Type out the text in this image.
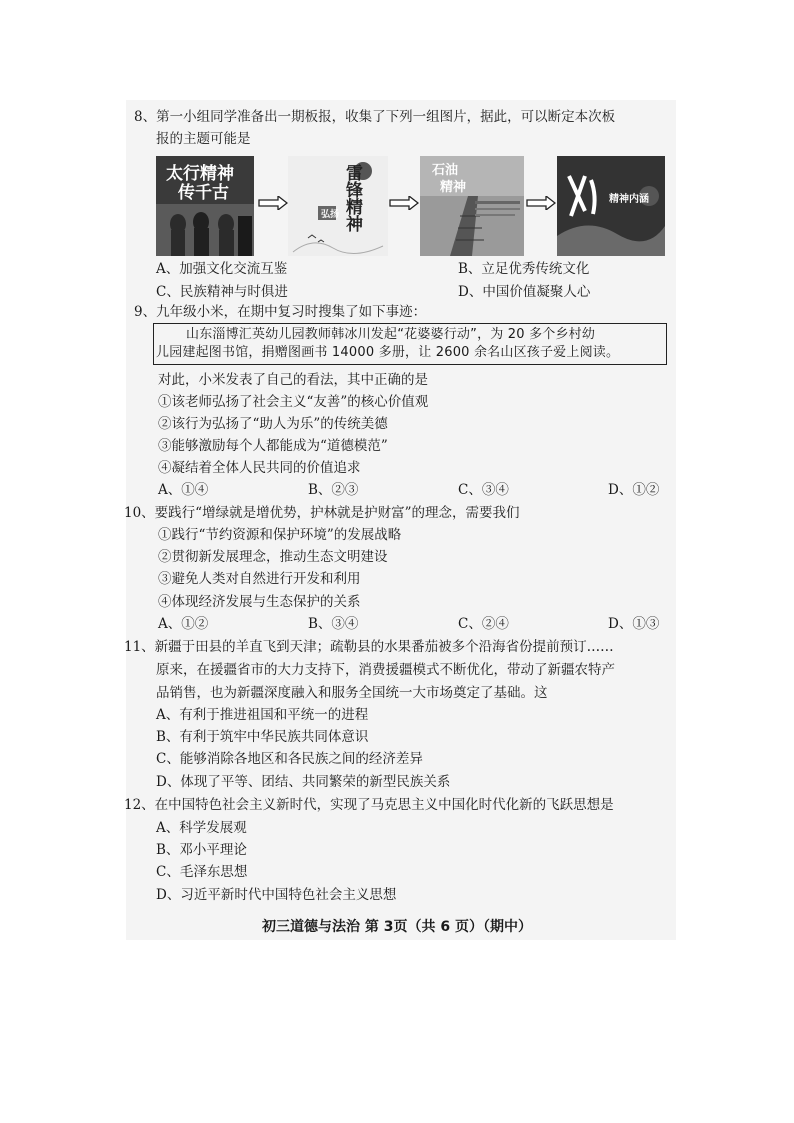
8、第一小组同学准备出一期板报，收集了下列一组图片，据此，可以断定本次板
报的主题可能是
太行精神
传千古	雷锋精神
弘扬
石油
精神
精神内涵
A、加强文化交流互鉴	B、立足优秀传统文化
C、民族精神与时俱进	D、中国价值凝聚人心
9、九年级小米，在期中复习时搜集了如下事迹：
山东淄博汇英幼儿园教师韩冰川发起“花婆婆行动”，为 20 多个乡村幼
儿园建起图书馆，捐赠图画书 14000 多册，让 2600 余名山区孩子爱上阅读。
对此，小米发表了自己的看法，其中正确的是
①该老师弘扬了社会主义“友善”的核心价值观
②该行为弘扬了“助人为乐”的传统美德
③能够激励每个人都能成为“道德模范”
④凝结着全体人民共同的价值追求
A、①④	B、②③	C、③④	D、①②
10、要践行“增绿就是增优势，护林就是护财富”的理念，需要我们
①践行“节约资源和保护环境”的发展战略
②贯彻新发展理念，推动生态文明建设
③避免人类对自然进行开发和利用
④体现经济发展与生态保护的关系
A、①②	B、③④	C、②④	D、①③
11、新疆于田县的羊直飞到天津；疏勒县的水果番茄被多个沿海省份提前预订……
原来，在援疆省市的大力支持下，消费援疆模式不断优化，带动了新疆农特产
品销售，也为新疆深度融入和服务全国统一大市场奠定了基础。这
A、有利于推进祖国和平统一的进程
B、有利于筑牢中华民族共同体意识
C、能够消除各地区和各民族之间的经济差异
D、体现了平等、团结、共同繁荣的新型民族关系
12、在中国特色社会主义新时代，实现了马克思主义中国化时代化新的飞跃思想是
A、科学发展观
B、邓小平理论
C、毛泽东思想
D、习近平新时代中国特色社会主义思想
初三道德与法治 第 3页（共 6 页）（期中）
